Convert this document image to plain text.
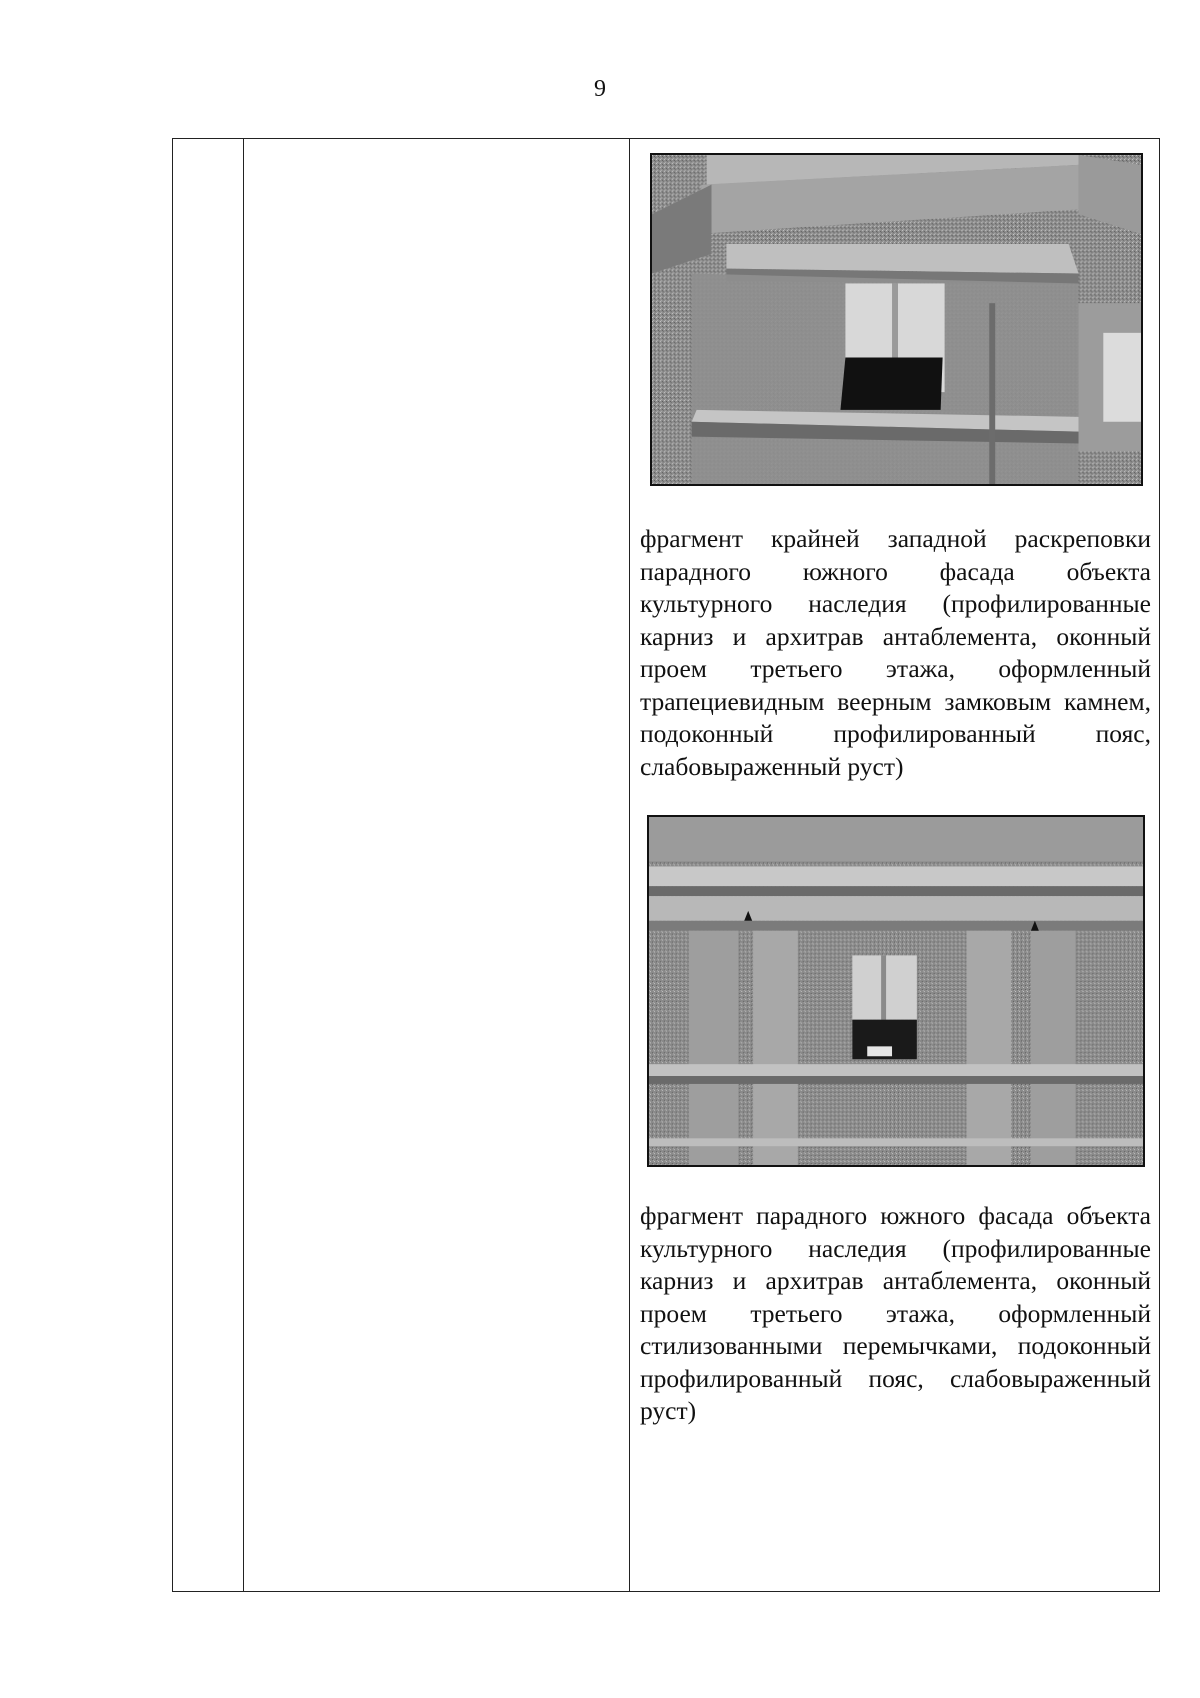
9

фрагмент крайней западной раскреповки парадного южного фасада объекта культурного наследия (профилированные карниз и архитрав антаблемента, оконный проем третьего этажа, оформленный трапециевидным веерным замковым камнем, подоконный профилированный пояс, слабовыраженный руст)

фрагмент парадного южного фасада объекта культурного наследия (профилированные карниз и архитрав антаблемента, оконный проем третьего этажа, оформленный стилизованными перемычками, подоконный профилированный пояс, слабовыраженный руст)
